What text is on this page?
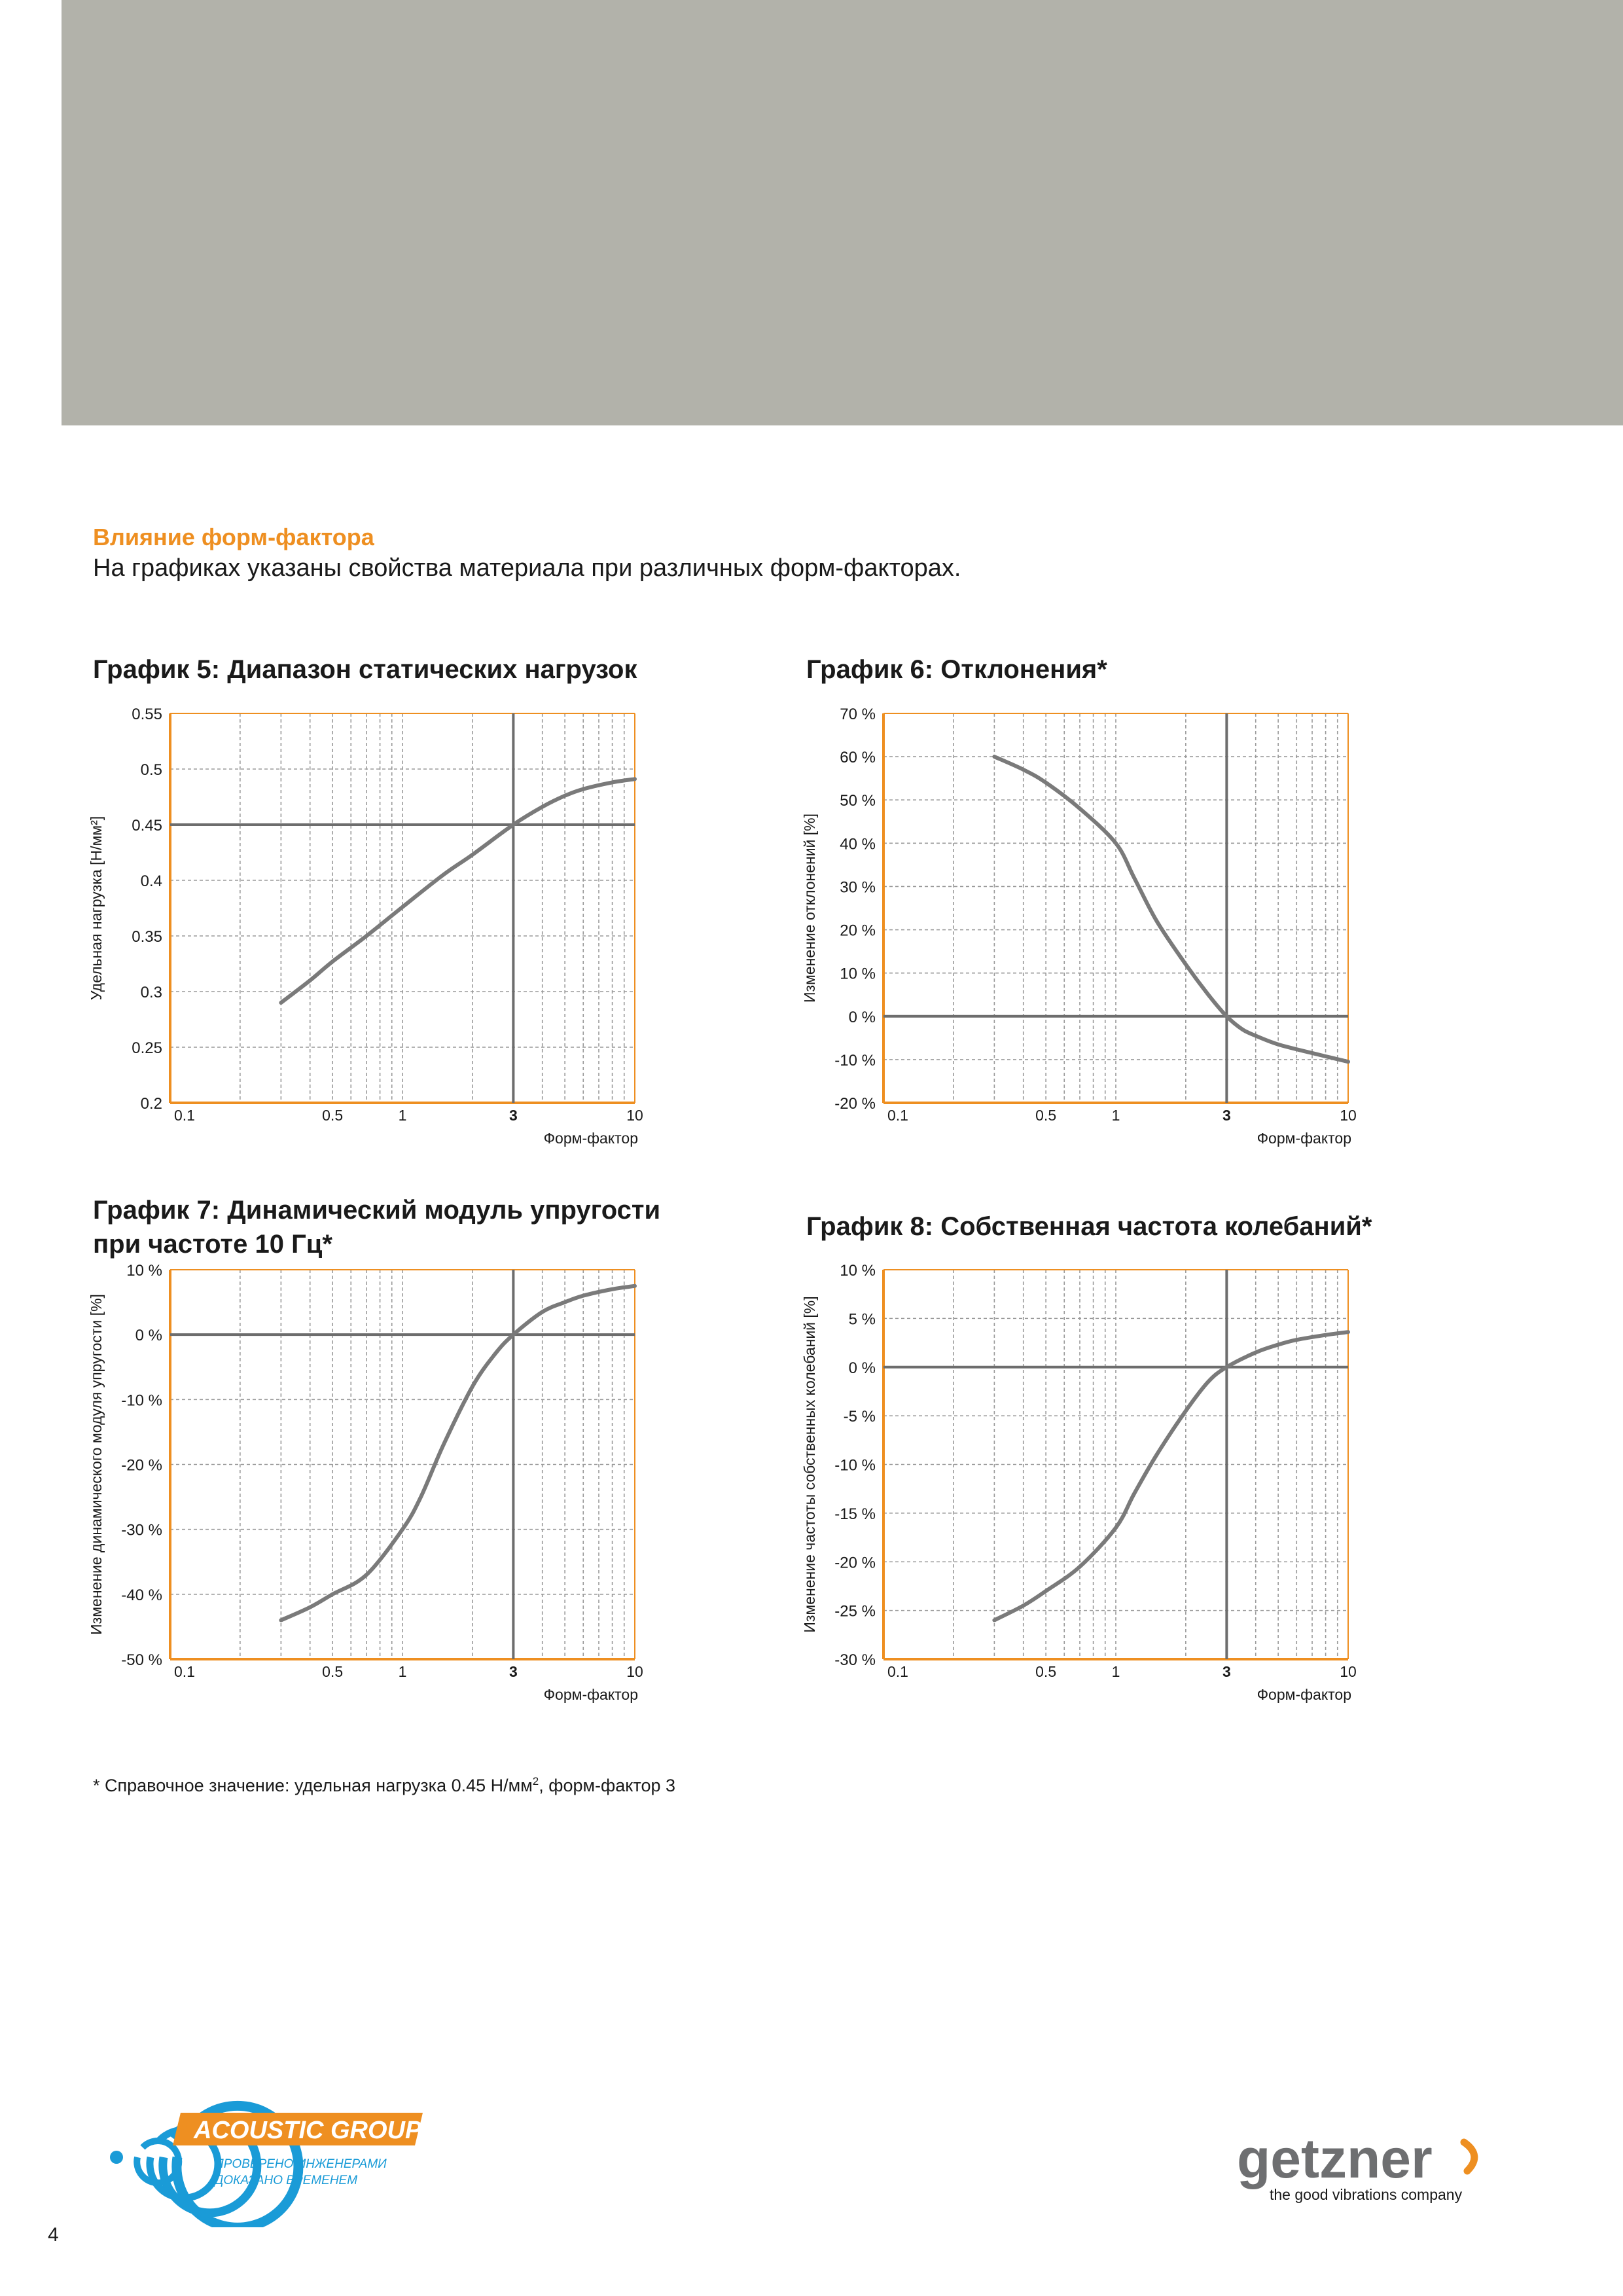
Влияние форм-фактора
На графиках указаны свойства материала при различных форм-факторах.
График 5: Диапазон статических нагрузок	График 6: Отклонения*
График 7: Динамический модуль упругости
при частоте 10 Гц*
График 8: Собственная частота колебаний*
0.55
0.5
0.45
0.4
0.35
0.3
0.25
0.2
0.1	0.5	1	3	10
Форм-фактор
Удельная нагрузка [Н/мм²]
70 %
60 %
50 %
40 %
30 %
20 %
10 %
0 %
-10 %
-20 %
0.1	0.5	1	3	10
Форм-фактор
Изменение отклонений [%]
10 %
0 %
-10 %
-20 %
-30 %
-40 %
-50 %
0.1	0.5	1	3	10
Форм-фактор
Изменение динамического модуля упругости [%]
10 %
5 %
0 %
-5 %
-10 %
-15 %
-20 %
-25 %
-30 %
0.1	0.5	1	3	10
Форм-фактор
Изменение частоты собственных колебаний [%]
* Справочное значение: удельная нагрузка 0.45 $Н/мм^2$, форм-фактор 3
ACOUSTIC GROUP
ПРОВЕРЕНО ИНЖЕНЕРАМИ
ДОКАЗАНО ВРЕМЕНЕМ	getzner
the good vibrations company
4
